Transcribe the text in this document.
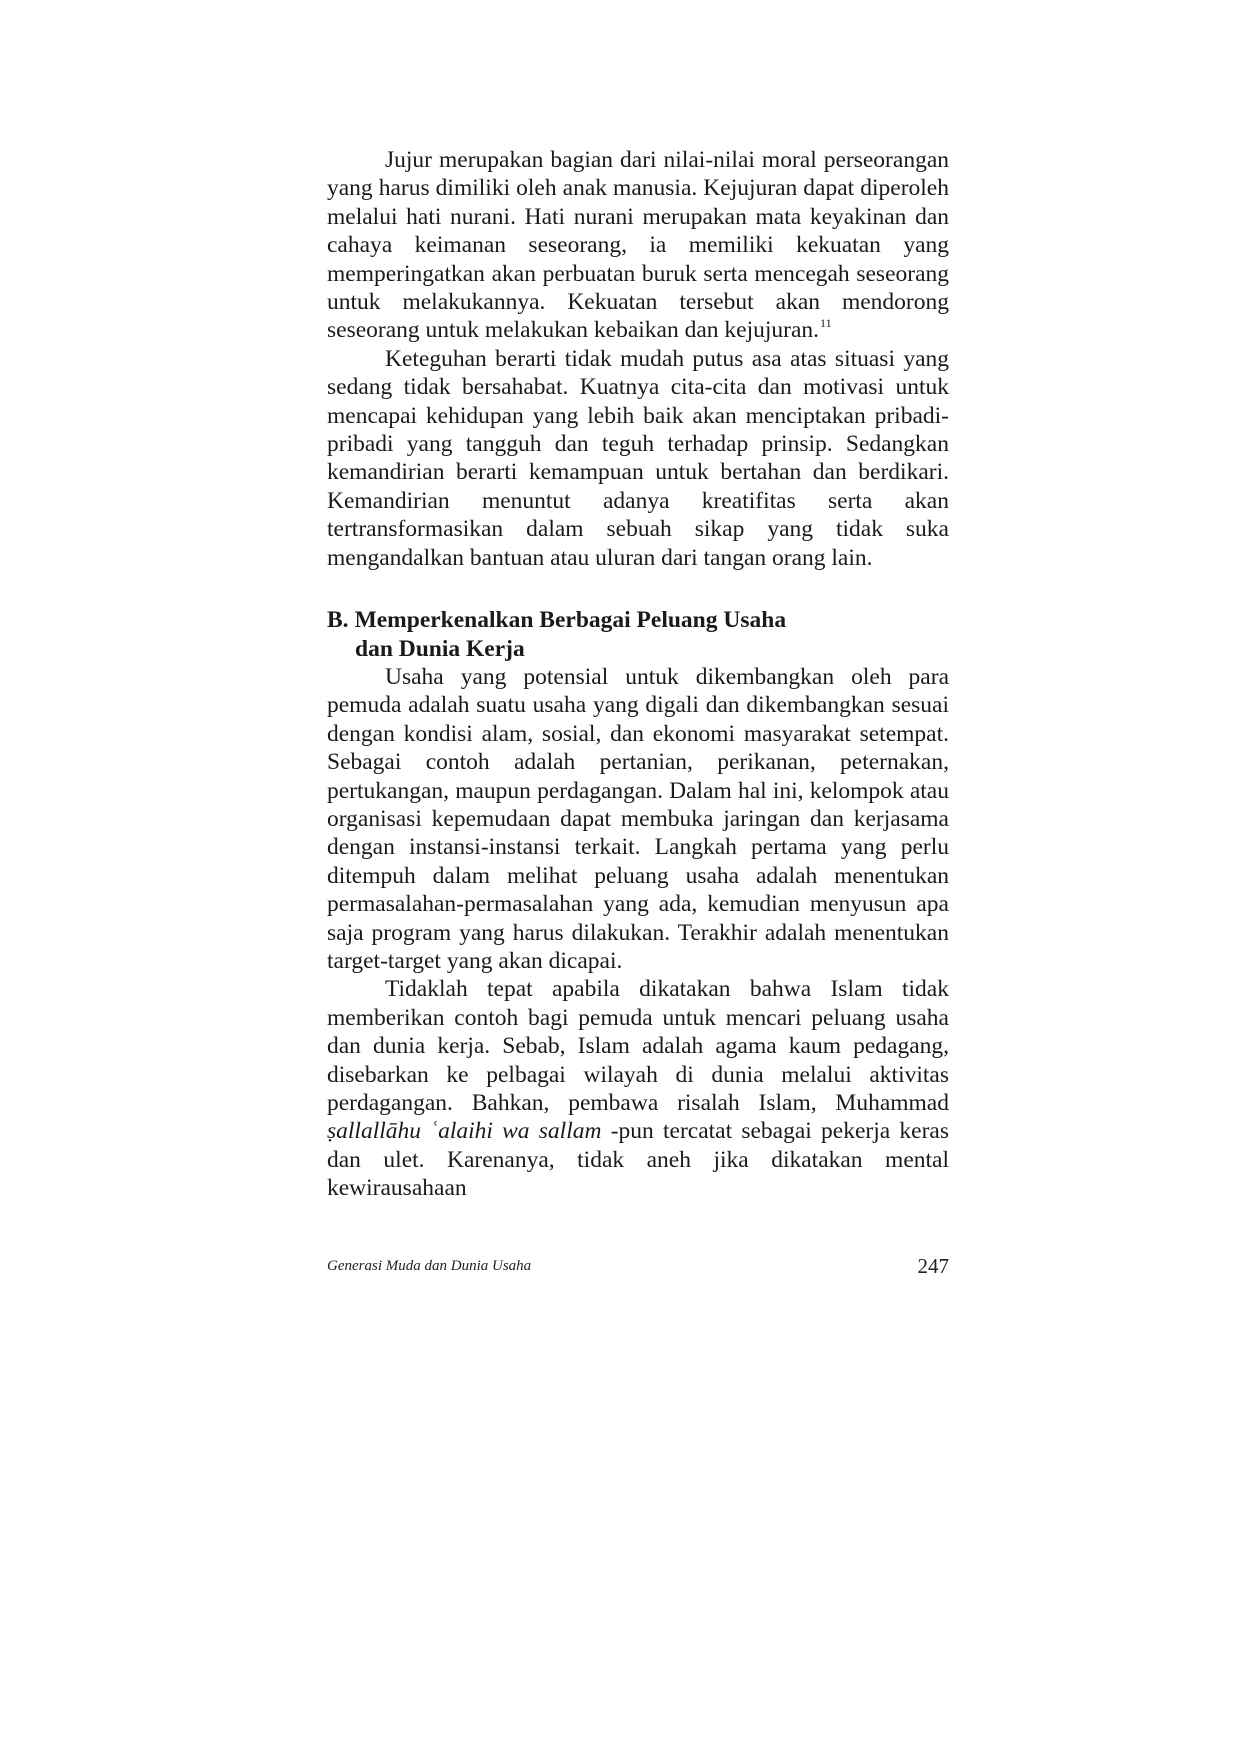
Jujur merupakan bagian dari nilai-nilai moral perseorangan yang harus dimiliki oleh anak manusia. Kejujuran dapat diperoleh melalui hati nurani. Hati nurani merupakan mata keyakinan dan cahaya keimanan seseorang, ia memiliki kekuatan yang memperingatkan akan perbuatan buruk serta mencegah seseorang untuk melakukannya. Kekuatan tersebut akan mendorong seseorang untuk melakukan kebaikan dan kejujuran.$^{11}$

Keteguhan berarti tidak mudah putus asa atas situasi yang sedang tidak bersahabat. Kuatnya cita-cita dan motivasi untuk mencapai kehidupan yang lebih baik akan menciptakan pribadi-pribadi yang tangguh dan teguh terhadap prinsip. Sedangkan kemandirian berarti kemampuan untuk bertahan dan berdikari. Kemandirian menuntut adanya kreatifitas serta akan tertransformasikan dalam sebuah sikap yang tidak suka mengandalkan bantuan atau uluran dari tangan orang lain.

B. Memperkenalkan Berbagai Peluang Usaha
dan Dunia Kerja

Usaha yang potensial untuk dikembangkan oleh para pemuda adalah suatu usaha yang digali dan dikembangkan sesuai dengan kondisi alam, sosial, dan ekonomi masyarakat setempat. Sebagai contoh adalah pertanian, perikanan, peternakan, pertukangan, maupun perdagangan. Dalam hal ini, kelompok atau organisasi kepemudaan dapat membuka jaringan dan kerjasama dengan instansi-instansi terkait. Langkah pertama yang perlu ditempuh dalam melihat peluang usaha adalah menentukan permasalahan-permasalahan yang ada, kemudian menyusun apa saja program yang harus dilakukan. Terakhir adalah menentukan target-target yang akan dicapai.

Tidaklah tepat apabila dikatakan bahwa Islam tidak memberikan contoh bagi pemuda untuk mencari peluang usaha dan dunia kerja. Sebab, Islam adalah agama kaum pedagang, disebarkan ke pelbagai wilayah di dunia melalui aktivitas perdagangan. Bahkan, pembawa risalah Islam, Muhammad ṣallallāhu ʿalaihi wa sallam -pun tercatat sebagai pekerja keras dan ulet. Karenanya, tidak aneh jika dikatakan mental kewirausahaan

Generasi Muda dan Dunia Usaha	247
